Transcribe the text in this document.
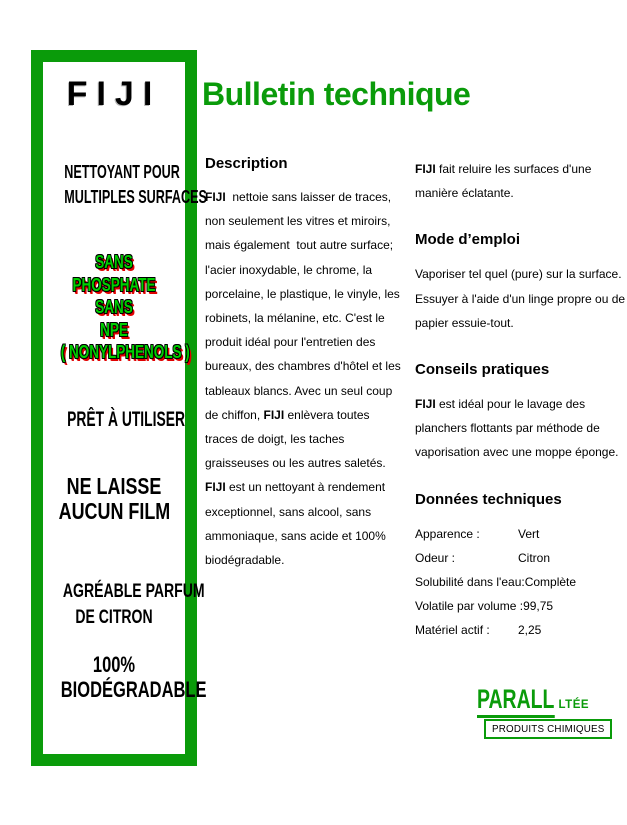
FIJI
NETTOYANT POUR
MULTIPLES SURFACES
SANS
PHOSPHATE
SANS
NPE
( NONYLPHENOLS )
PRÊT À UTILISER
NE LAISSE
AUCUN FILM
AGRÉABLE PARFUM
DE CITRON
100%
BIODÉGRADABLE
Bulletin technique
Description
FIJI  nettoie sans laisser de traces,
non seulement les vitres et miroirs,
mais également  tout autre surface;
l'acier inoxydable, le chrome, la
porcelaine, le plastique, le vinyle, les
robinets, la mélanine, etc. C'est le
produit idéal pour l'entretien des
bureaux, des chambres d'hôtel et les
tableaux blancs. Avec un seul coup
de chiffon, FIJI enlèvera toutes
traces de doigt, les taches
graisseuses ou les autres saletés.
FIJI est un nettoyant à rendement
exceptionnel, sans alcool, sans
ammoniaque, sans acide et 100%
biodégradable.
FIJI fait reluire les surfaces d'une
manière éclatante.
Mode d’emploi
Vaporiser tel quel (pure) sur la surface.
Essuyer à l'aide d'un linge propre ou de
papier essuie-tout.
Conseils pratiques
FIJI est idéal pour le lavage des
planchers flottants par méthode de
vaporisation avec une moppe éponge.
Données techniques
Apparence :	Vert
Odeur :	Citron
Solubilité dans l'eau: Complète
Volatile par volume : 99,75
Matériel actif :	2,25
PARALL LTÉE
PRODUITS CHIMIQUES
